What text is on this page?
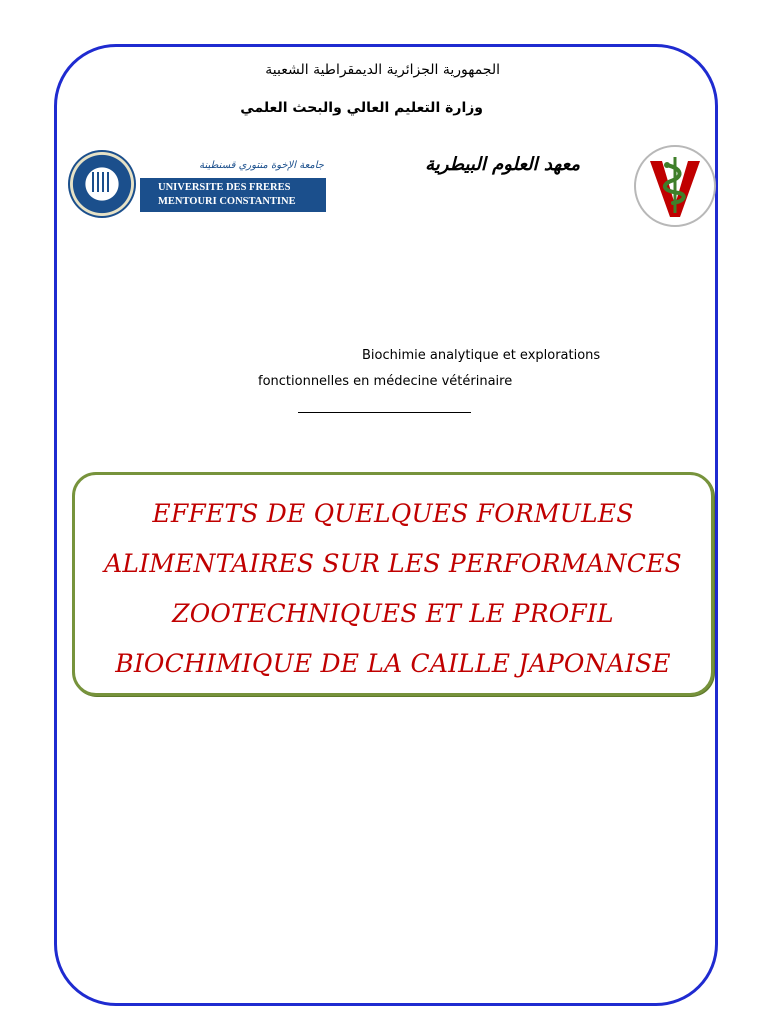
الجمهورية الجزائرية الديمقراطية الشعبية
وزارة التعليم العالي والبحث العلمي
معهد العلوم البيطرية
جامعة الإخوة منتوري قسنطينة
UNIVERSITE DES FRERES
MENTOURI CONSTANTINE
Biochimie analytique et explorations
fonctionnelles en médecine vétérinaire
EFFETS DE QUELQUES FORMULES
ALIMENTAIRES SUR LES PERFORMANCES
ZOOTECHNIQUES ET LE PROFIL
BIOCHIMIQUE DE LA CAILLE JAPONAISE
